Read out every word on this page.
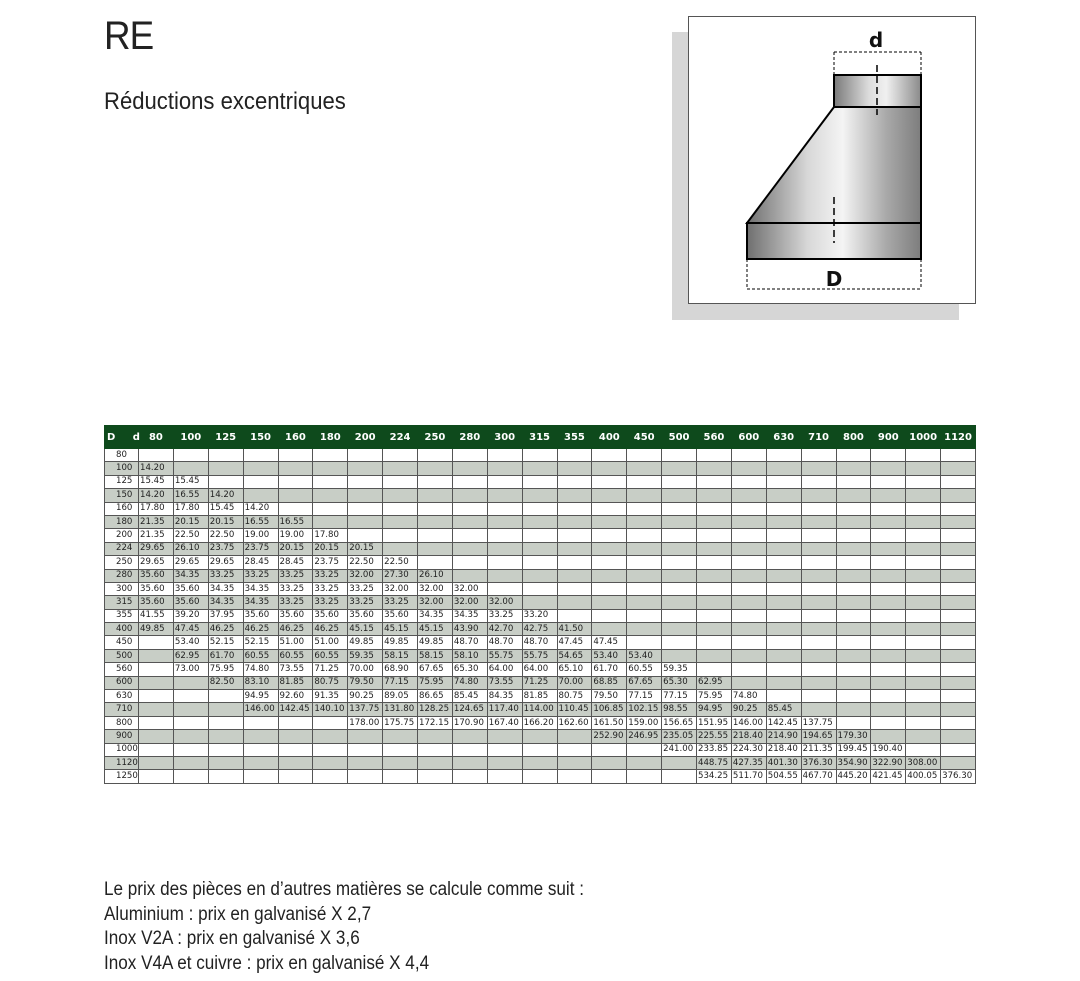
RE
Réductions excentriques
d
D
D d	80	100	125	150	160	180	200	224	250	280	300	315	355	400	450	500	560	600	630	710	800	900	1000	1120
80																								
100	14.20																							
125	15.45	15.45																						
150	14.20	16.55	14.20																					
160	17.80	17.80	15.45	14.20																				
180	21.35	20.15	20.15	16.55	16.55																			
200	21.35	22.50	22.50	19.00	19.00	17.80																		
224	29.65	26.10	23.75	23.75	20.15	20.15	20.15																	
250	29.65	29.65	29.65	28.45	28.45	23.75	22.50	22.50																
280	35.60	34.35	33.25	33.25	33.25	33.25	32.00	27.30	26.10															
300	35.60	35.60	34.35	34.35	33.25	33.25	33.25	32.00	32.00	32.00														
315	35.60	35.60	34.35	34.35	33.25	33.25	33.25	33.25	32.00	32.00	32.00													
355	41.55	39.20	37.95	35.60	35.60	35.60	35.60	35.60	34.35	34.35	33.25	33.20												
400	49.85	47.45	46.25	46.25	46.25	46.25	45.15	45.15	45.15	43.90	42.70	42.75	41.50											
450		53.40	52.15	52.15	51.00	51.00	49.85	49.85	49.85	48.70	48.70	48.70	47.45	47.45										
500		62.95	61.70	60.55	60.55	60.55	59.35	58.15	58.15	58.10	55.75	55.75	54.65	53.40	53.40									
560		73.00	75.95	74.80	73.55	71.25	70.00	68.90	67.65	65.30	64.00	64.00	65.10	61.70	60.55	59.35								
600			82.50	83.10	81.85	80.75	79.50	77.15	75.95	74.80	73.55	71.25	70.00	68.85	67.65	65.30	62.95							
630				94.95	92.60	91.35	90.25	89.05	86.65	85.45	84.35	81.85	80.75	79.50	77.15	77.15	75.95	74.80						
710				146.00	142.45	140.10	137.75	131.80	128.25	124.65	117.40	114.00	110.45	106.85	102.15	98.55	94.95	90.25	85.45					
800							178.00	175.75	172.15	170.90	167.40	166.20	162.60	161.50	159.00	156.65	151.95	146.00	142.45	137.75				
900														252.90	246.95	235.05	225.55	218.40	214.90	194.65	179.30			
1000																241.00	233.85	224.30	218.40	211.35	199.45	190.40		
1120																	448.75	427.35	401.30	376.30	354.90	322.90	308.00	
1250																	534.25	511.70	504.55	467.70	445.20	421.45	400.05	376.30
Le prix des pièces en d’autres matières se calcule comme suit :
Aluminium : prix en galvanisé X 2,7
Inox V2A : prix en galvanisé X 3,6
Inox V4A et cuivre : prix en galvanisé X 4,4
